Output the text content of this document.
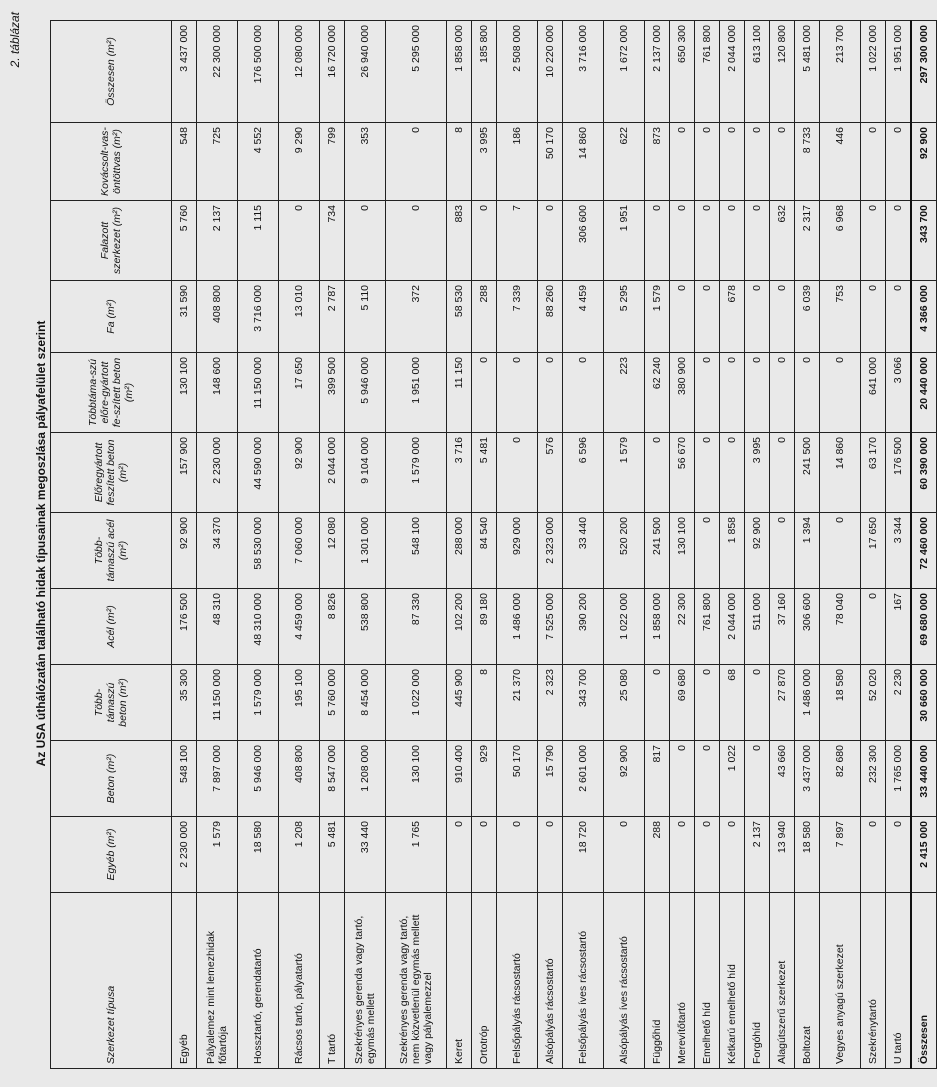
2. táblázat
Az USA úthálózatán található hidak típusainak megoszlása pályafelület szerint
Szerkezet típusa	Egyéb (m²)	Beton (m²)	Több-támaszú beton (m²)	Acél (m²)	Több-támaszú acél (m²)	Előregyártott feszített beton (m²)	Többtáma-szú előre-gyártott fe-szített beton (m²)	Fa (m²)	Falazott szerkezet (m²)	Kovácsolt-vas-öntöttvas (m²)	Összesen (m²)
Egyéb	2 230 000	548 100	35 300	176 500	92 900	157 900	130 100	31 590	5 760	548	3 437 000
Pályalemez mint lemezhidak főtartója	1 579	7 897 000	11 150 000	48 310	34 370	2 230 000	148 600	408 800	2 137	725	22 300 000
Hossztartó, gerendatartó	18 580	5 946 000	1 579 000	48 310 000	58 530 000	44 590 000	11 150 000	3 716 000	1 115	4 552	176 500 000
Rácsos tartó, pályatartó	1 208	408 800	195 100	4 459 000	7 060 000	92 900	17 650	13 010	0	9 290	12 080 000
T tartó	5 481	8 547 000	5 760 000	8 826	12 080	2 044 000	399 500	2 787	734	799	16 720 000
Szekrényes gerenda vagy tartó, egymás mellett	33 440	1 208 000	8 454 000	538 800	1 301 000	9 104 000	5 946 000	5 110	0	353	26 940 000
Szekrényes gerenda vagy tartó, nem közvetlenül egymás mellett vagy pályalemezzel	1 765	130 100	1 022 000	87 330	548 100	1 579 000	1 951 000	372	0	0	5 295 000
Keret	0	910 400	445 900	102 200	288 000	3 716	11 150	58 530	883	8	1 858 000
Ortotróp	0	929	8	89 180	84 540	5 481	0	288	0	3 995	185 800
Felsőpályás rácsostartó	0	50 170	21 370	1 486 000	929 000	0	0	7 339	7	186	2 508 000
Alsópályás rácsostartó	0	15 790	2 323	7 525 000	2 323 000	576	0	88 260	0	50 170	10 220 000
Felsőpályás íves rácsostartó	18 720	2 601 000	343 700	390 200	33 440	6 596	0	4 459	306 600	14 860	3 716 000
Alsópályás íves rácsostartó	0	92 900	25 080	1 022 000	520 200	1 579	223	5 295	1 951	622	1 672 000
Függőhíd	288	817	0	1 858 000	241 500	0	62 240	1 579	0	873	2 137 000
Merevítőtartó	0	0	69 680	22 300	130 100	56 670	380 900	0	0	0	650 300
Emelhető híd	0	0	0	761 800	0	0	0	0	0	0	761 800
Kétkarú emelhető híd	0	1 022	68	2 044 000	1 858	0	0	678	0	0	2 044 000
Forgóhíd	2 137	0	0	511 000	92 900	3 995	0	0	0	0	613 100
Alagútszerű szerkezet	13 940	43 660	27 870	37 160	0	0	0	0	632	0	120 800
Boltozat	18 580	3 437 000	1 486 000	306 600	1 394	241 500	0	6 039	2 317	8 733	5 481 000
Vegyes anyagú szerkezet	7 897	82 680	18 580	78 040	0	14 860	0	753	6 968	446	213 700
Szekrénytartó	0	232 300	52 020	0	17 650	63 170	641 000	0	0	0	1 022 000
U tartó	0	1 765 000	2 230	167	3 344	176 500	3 066	0	0	0	1 951 000
Összesen	2 415 000	33 440 000	30 660 000	69 680 000	72 460 000	60 390 000	20 440 000	4 366 000	343 700	92 900	297 300 000
